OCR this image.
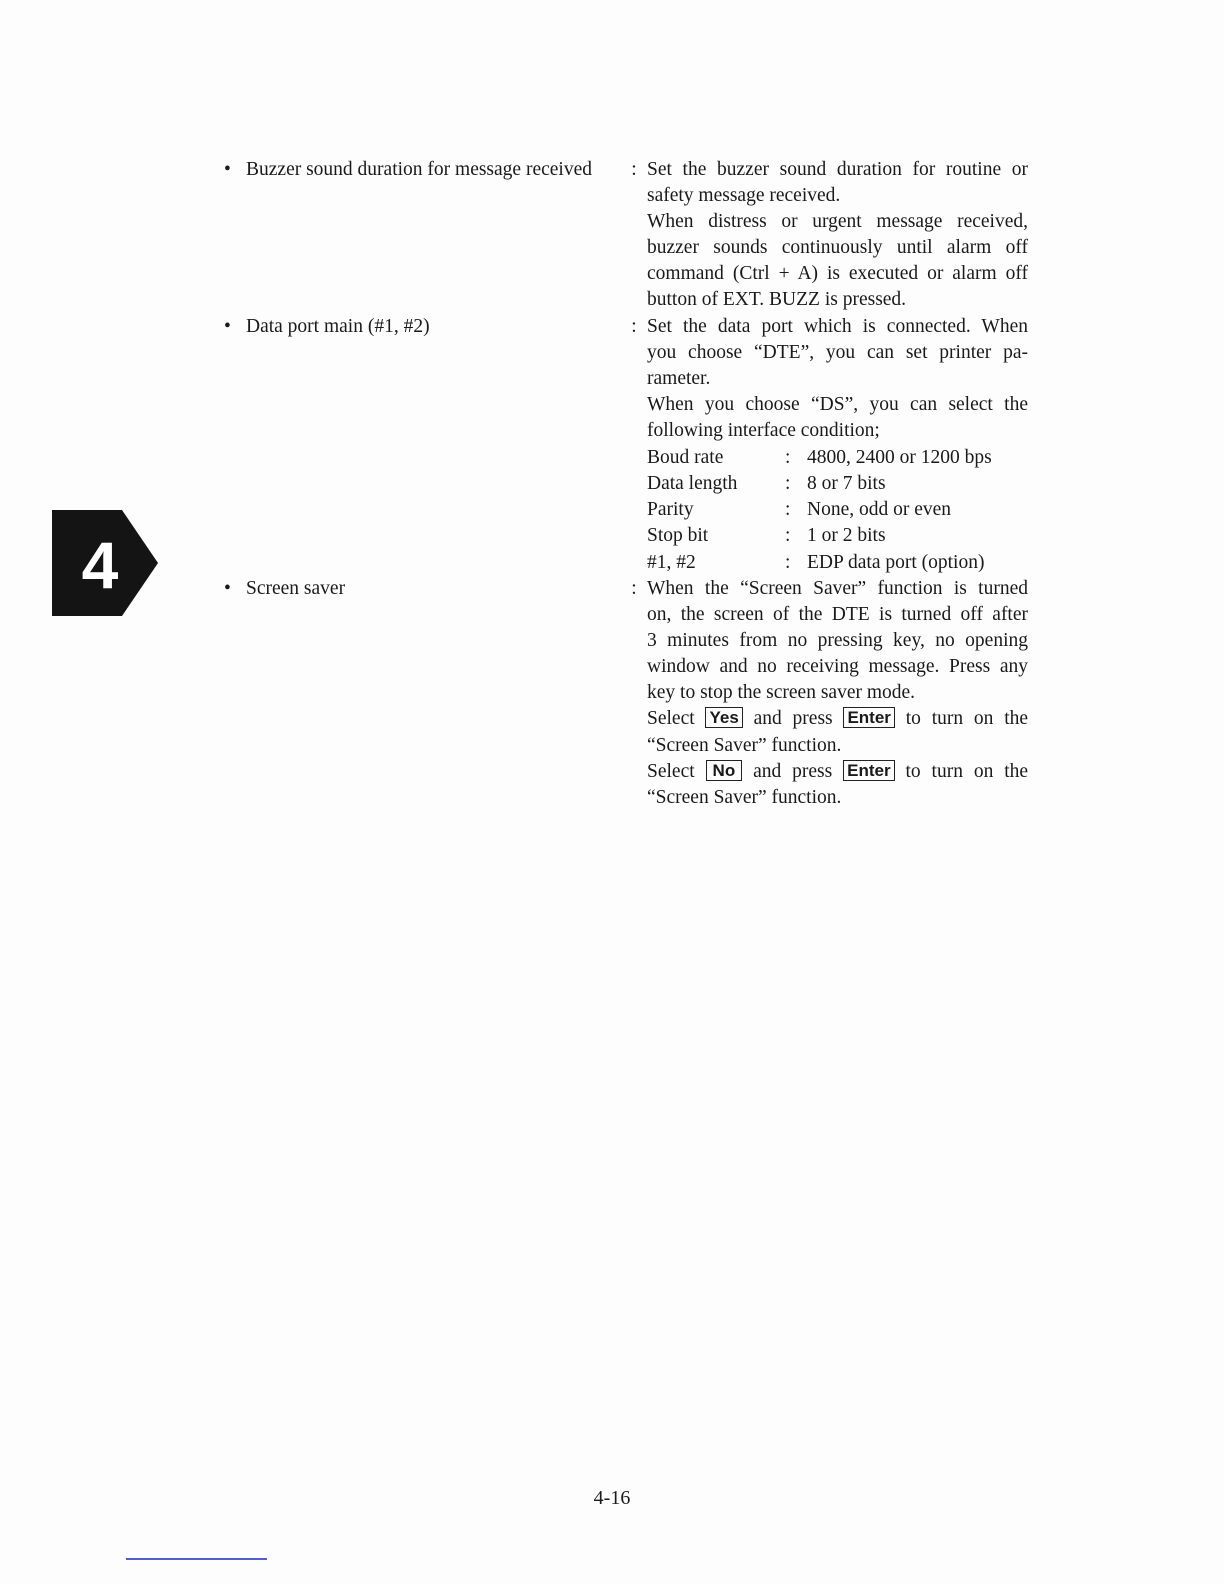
4
• Buzzer sound duration for message received : Set the buzzer sound duration for routine or

safety message received.

When distress or urgent message received,

buzzer sounds continuously until alarm off

command (Ctrl + A) is executed or alarm off

button of EXT. BUZZ is pressed.

• Data port main (#1, #2)	: Set the data port which is connected. When

you choose “DTE”, you can set printer pa-

rameter.

When you choose “DS”, you can select the

following interface condition;

Boud rate	: 4800, 2400 or 1200 bps
Data length	: 8 or 7 bits
Parity	: None, odd or even
Stop bit	: 1 or 2 bits
#1, #2	: EDP data port (option)
• Screen saver	: When the “Screen Saver” function is turned

on, the screen of the DTE is turned off after

3 minutes from no pressing key, no opening

window and no receiving message. Press any

key to stop the screen saver mode.

Select Yes and press Enter to turn on the

“Screen Saver” function.

Select No and press Enter to turn on the

“Screen Saver” function.

4-16
